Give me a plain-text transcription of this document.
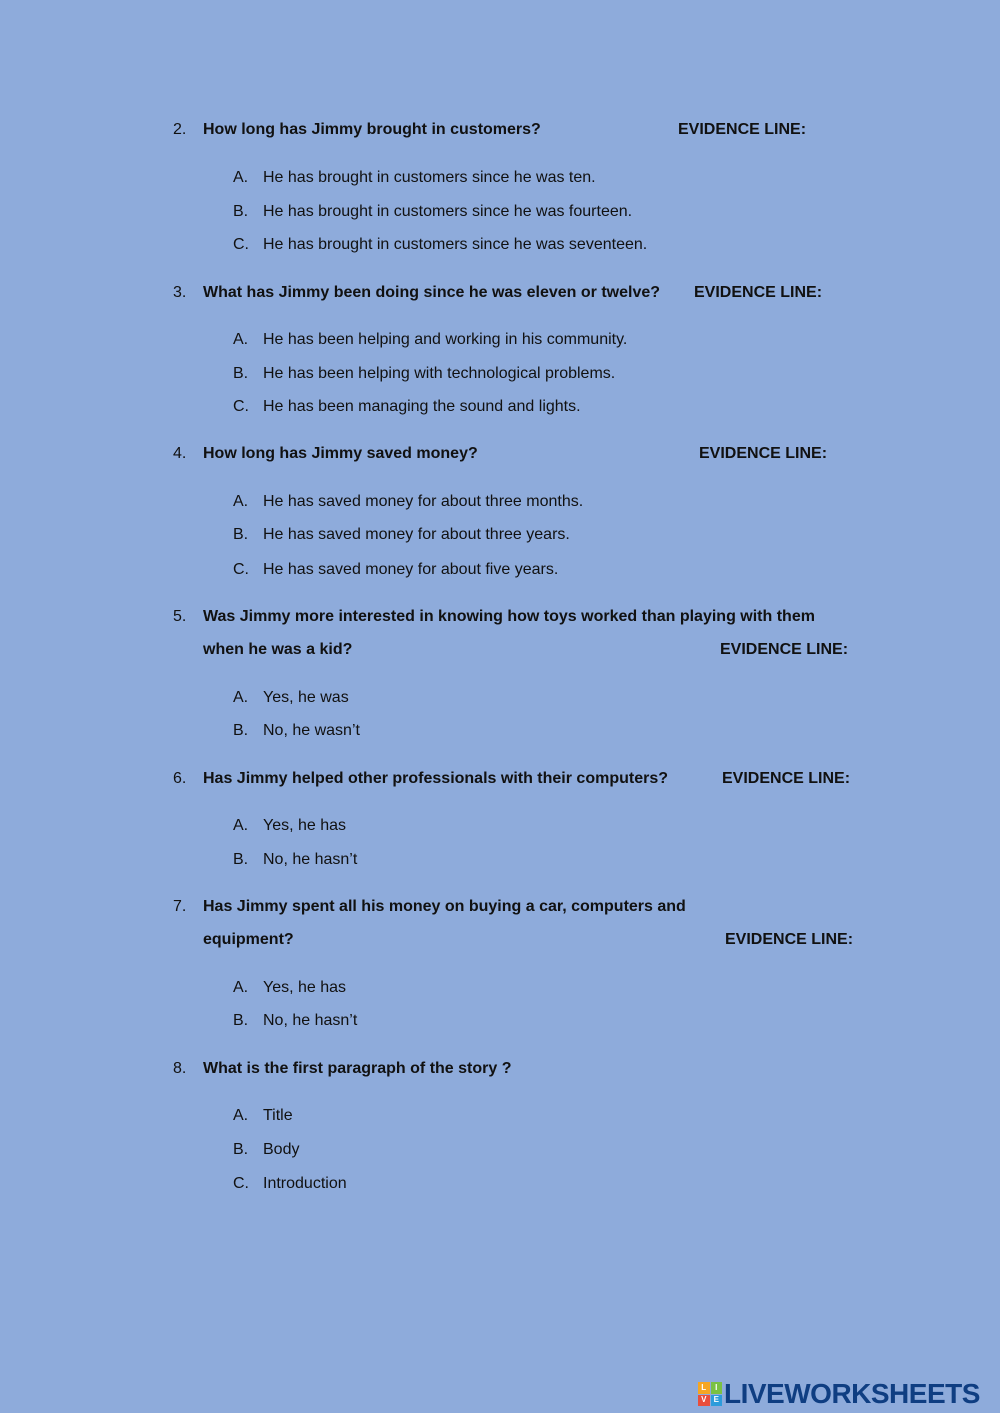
2. How long has Jimmy brought in customers?	EVIDENCE LINE:
A. He has brought in customers since he was ten.
B. He has brought in customers since he was fourteen.
C. He has brought in customers since he was seventeen.
3. What has Jimmy been doing since he was eleven or twelve? EVIDENCE LINE:
A. He has been helping and working in his community.
B. He has been helping with technological problems.
C. He has been managing the sound and lights.
4. How long has Jimmy saved money?	EVIDENCE LINE:
A. He has saved money for about three months.
B. He has saved money for about three years.
C. He has saved money for about five years.
5. Was Jimmy more interested in knowing how toys worked than playing with them
when he was a kid?	EVIDENCE LINE:
A. Yes, he was
B. No, he wasn’t
6. Has Jimmy helped other professionals with their computers?	EVIDENCE LINE:
A. Yes, he has
B. No, he hasn’t
7. Has Jimmy spent all his money on buying a car, computers and
equipment?	EVIDENCE LINE:
A. Yes, he has
B. No, he hasn’t
8. What is the first paragraph of the story ?
A. Title
B. Body
C. Introduction
L	I
V E LIVEWORKSHEETS
